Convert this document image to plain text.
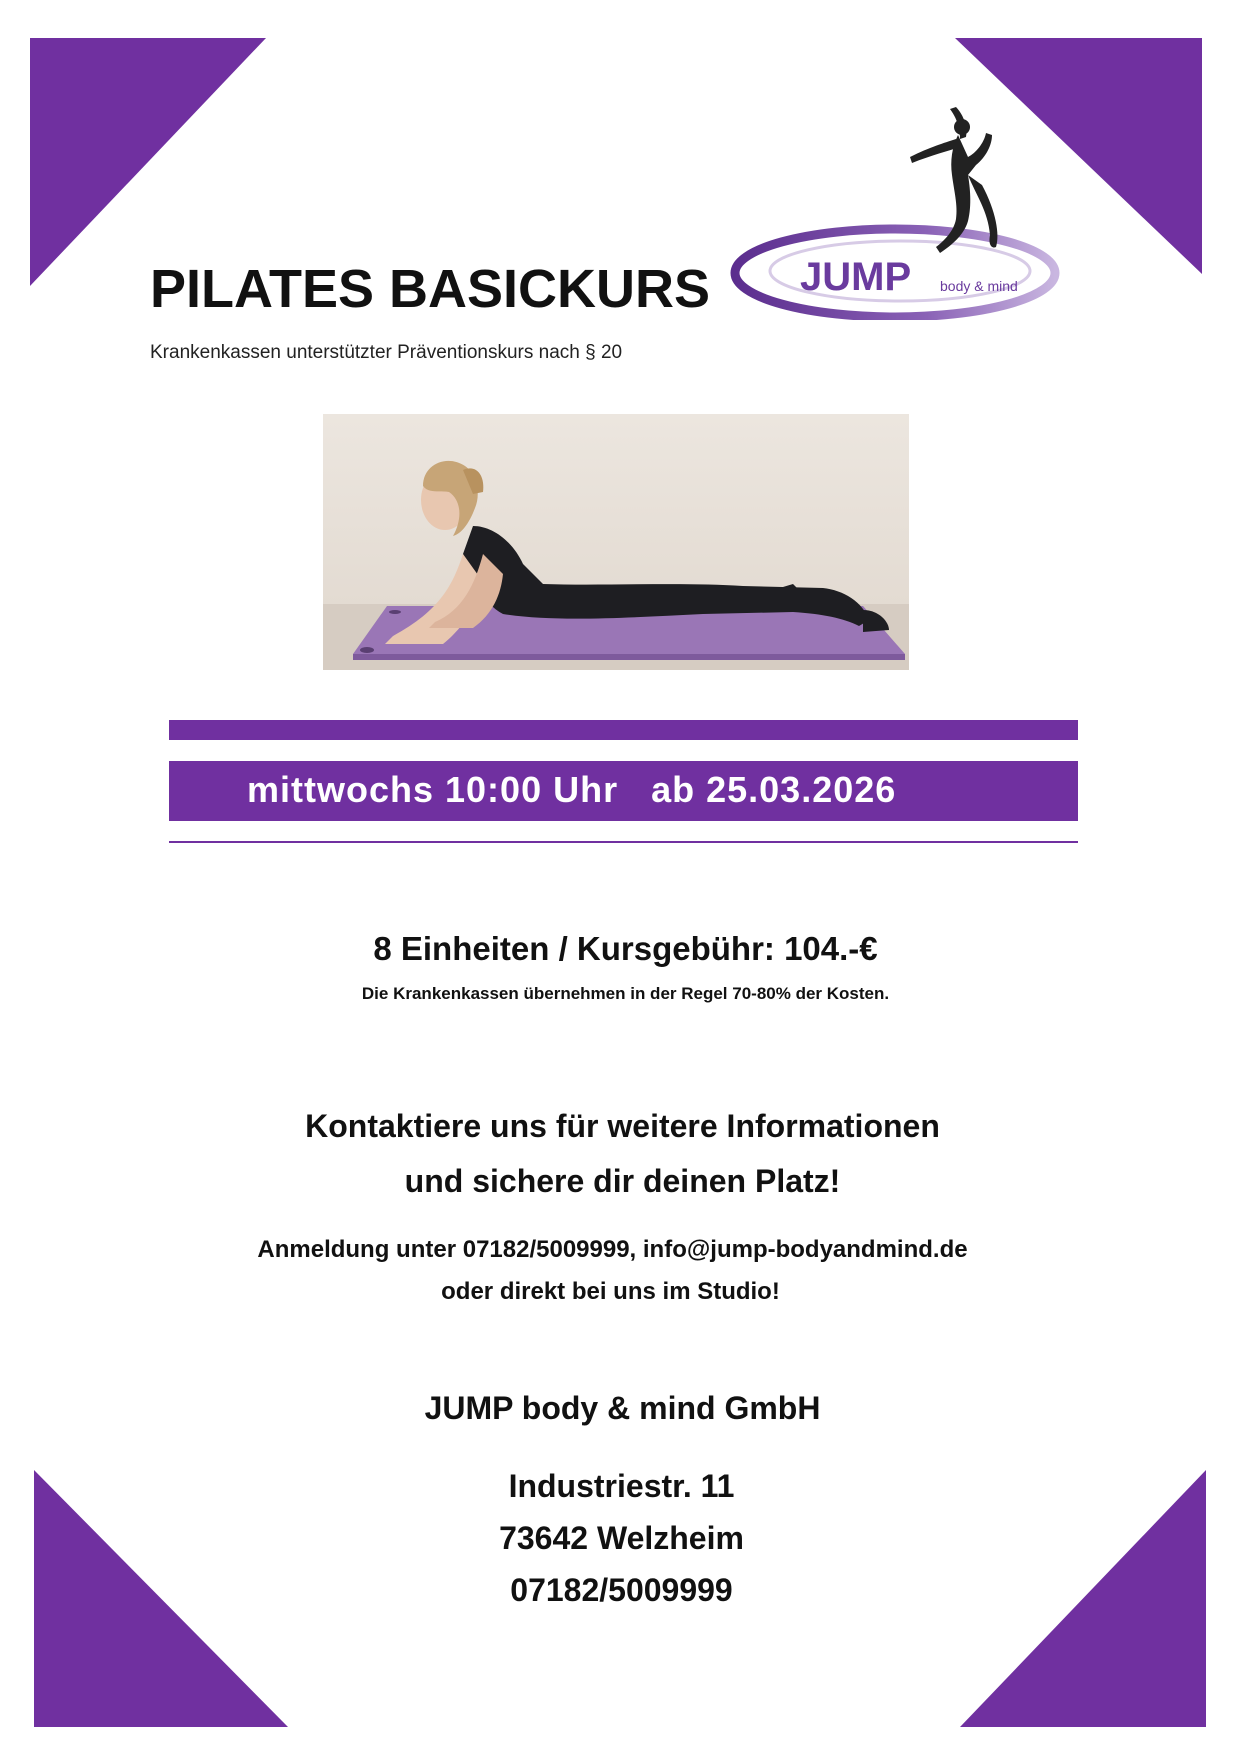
PILATES BASICKURS
Krankenkassen unterstützter Präventionskurs nach § 20
JUMP body & mind
mittwochs 10:00 Uhr   ab 25.03.2026
8 Einheiten / Kursgebühr: 104.-€
Die Krankenkassen übernehmen in der Regel 70-80% der Kosten.
Kontaktiere uns für weitere Informationen
und sichere dir deinen Platz!
Anmeldung unter 07182/5009999, info@jump-bodyandmind.de
oder direkt bei uns im Studio!
JUMP body & mind GmbH
Industriestr. 11
73642 Welzheim
07182/5009999
